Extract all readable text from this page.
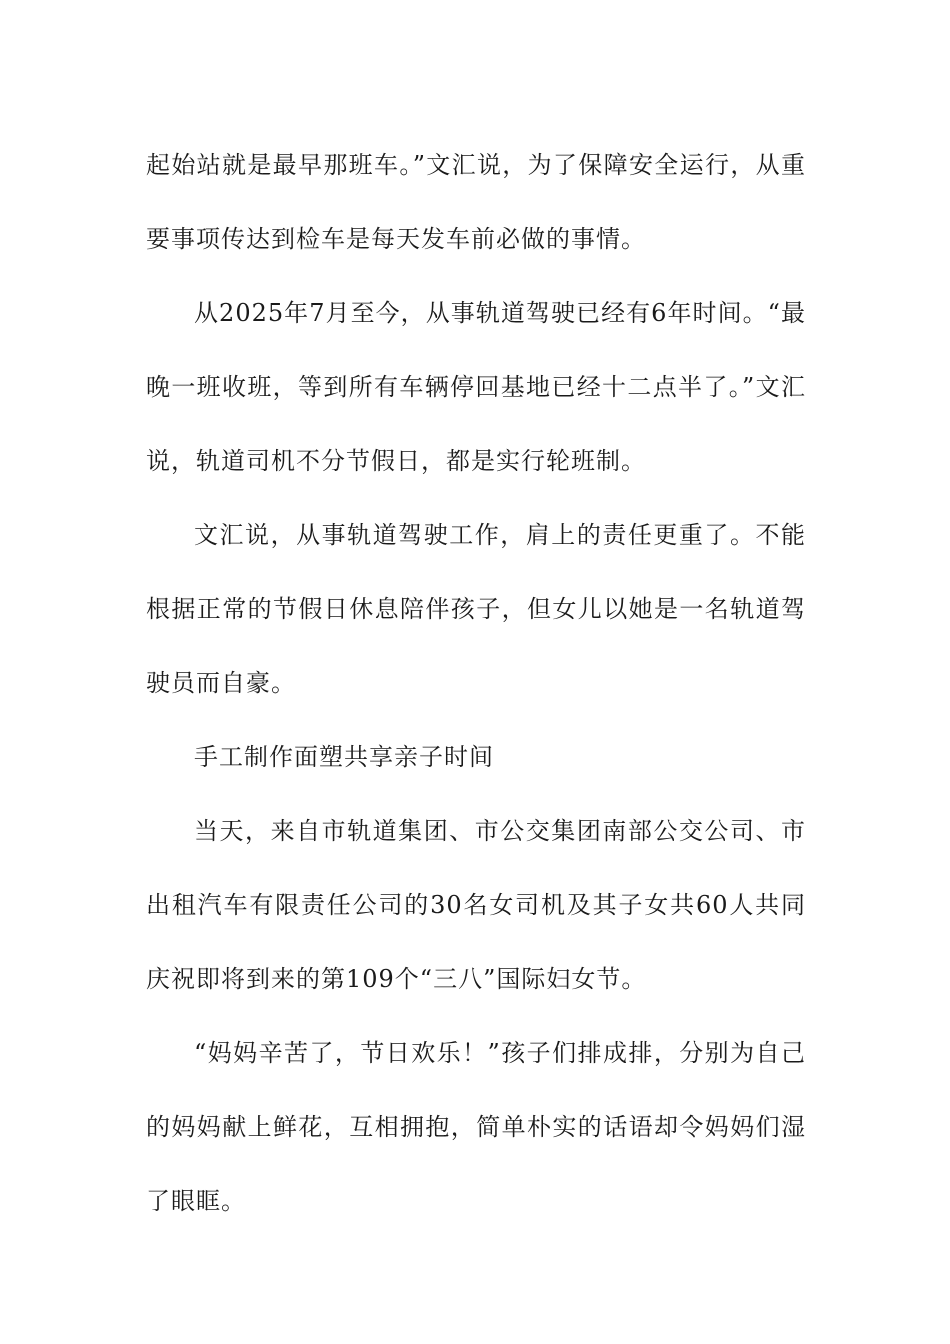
起始站就是最早那班车。”文汇说，为了保障安全运行，从重要事项传达到检车是每天发车前必做的事情。

从2025年7月至今，从事轨道驾驶已经有6年时间。“最晚一班收班，等到所有车辆停回基地已经十二点半了。”文汇说，轨道司机不分节假日，都是实行轮班制。

文汇说，从事轨道驾驶工作，肩上的责任更重了。不能根据正常的节假日休息陪伴孩子，但女儿以她是一名轨道驾驶员而自豪。

手工制作面塑共享亲子时间

当天，来自市轨道集团、市公交集团南部公交公司、市出租汽车有限责任公司的30名女司机及其子女共60人共同庆祝即将到来的第109个“三八”国际妇女节。

“妈妈辛苦了，节日欢乐！”孩子们排成排，分别为自己的妈妈献上鲜花，互相拥抱，简单朴实的话语却令妈妈们湿了眼眶。
